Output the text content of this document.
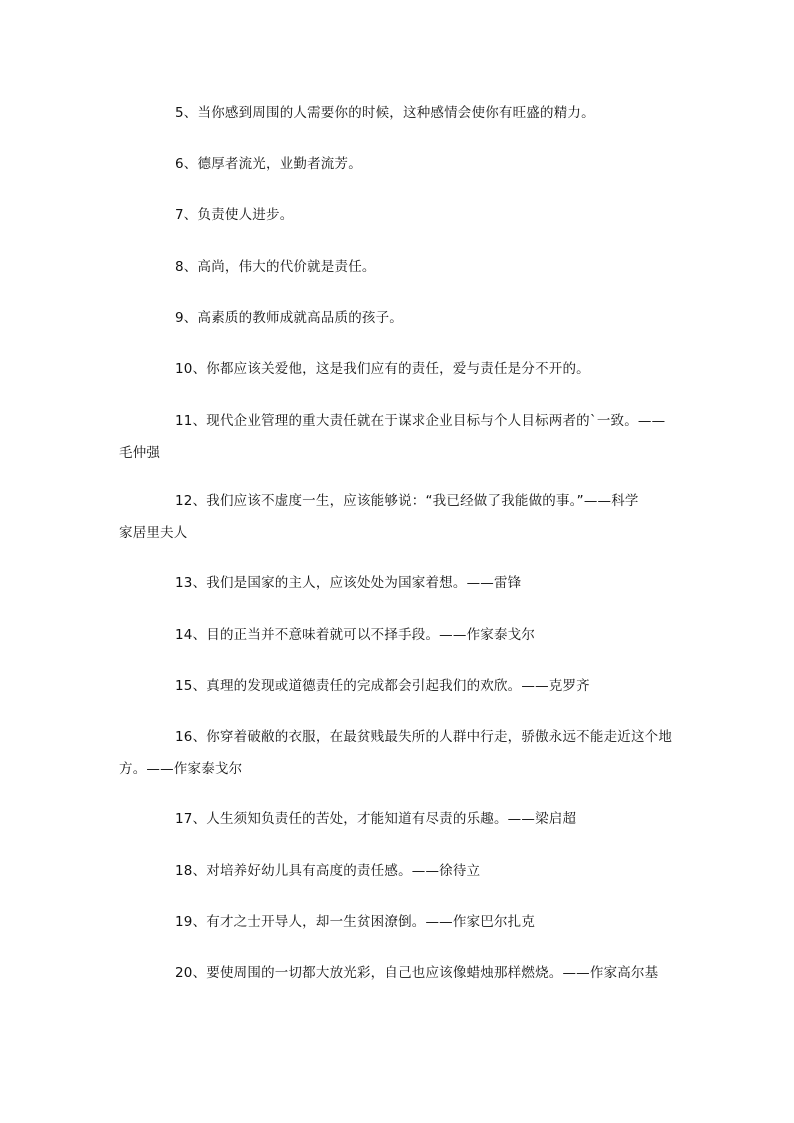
5、当你感到周围的人需要你的时候，这种感情会使你有旺盛的精力。
6、德厚者流光，业勤者流芳。
7、负责使人进步。
8、高尚，伟大的代价就是责任。
9、高素质的教师成就高品质的孩子。
10、你都应该关爱他，这是我们应有的责任，爱与责任是分不开的。
11、现代企业管理的重大责任就在于谋求企业目标与个人目标两者的`一致。——
毛仲强
12、我们应该不虚度一生，应该能够说：“我已经做了我能做的事。”——科学
家居里夫人
13、我们是国家的主人，应该处处为国家着想。——雷锋
14、目的正当并不意味着就可以不择手段。——作家泰戈尔
15、真理的发现或道德责任的完成都会引起我们的欢欣。——克罗齐
16、你穿着破敝的衣服，在最贫贱最失所的人群中行走，骄傲永远不能走近这个地
方。——作家泰戈尔
17、人生须知负责任的苦处，才能知道有尽责的乐趣。——梁启超
18、对培养好幼儿具有高度的责任感。——徐待立
19、有才之士开导人，却一生贫困潦倒。——作家巴尔扎克
20、要使周围的一切都大放光彩，自己也应该像蜡烛那样燃烧。——作家高尔基
